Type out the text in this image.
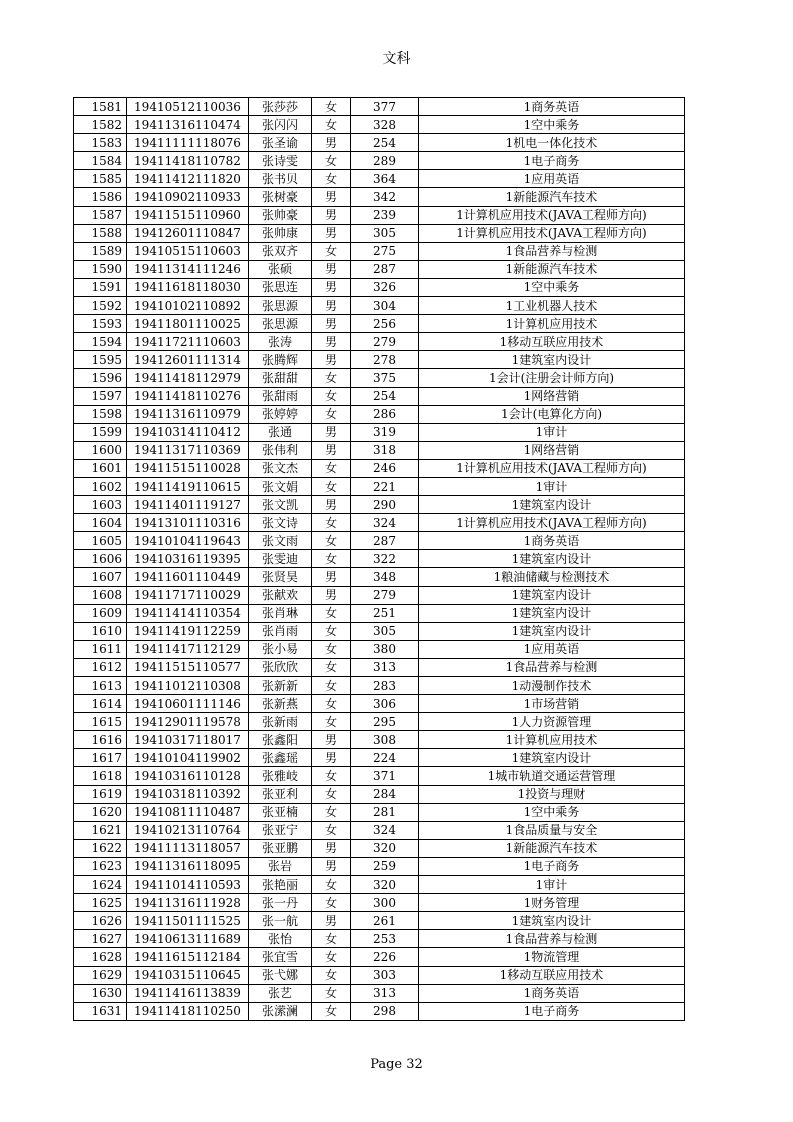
文科
1581	19410512110036	张莎莎	女	377	1商务英语
1582	19411316110474	张闪闪	女	328	1空中乘务
1583	19411111118076	张圣谕	男	254	1机电一体化技术
1584	19411418110782	张诗雯	女	289	1电子商务
1585	19411412111820	张书贝	女	364	1应用英语
1586	19410902110933	张树豪	男	342	1新能源汽车技术
1587	19411515110960	张帅豪	男	239	1计算机应用技术(JAVA工程师方向)
1588	19412601110847	张帅康	男	305	1计算机应用技术(JAVA工程师方向)
1589	19410515110603	张双齐	女	275	1食品营养与检测
1590	19411314111246	张硕	男	287	1新能源汽车技术
1591	19411618118030	张思连	男	326	1空中乘务
1592	19410102110892	张思源	男	304	1工业机器人技术
1593	19411801110025	张思源	男	256	1计算机应用技术
1594	19411721110603	张涛	男	279	1移动互联应用技术
1595	19412601111314	张腾辉	男	278	1建筑室内设计
1596	19411418112979	张甜甜	女	375	1会计(注册会计师方向)
1597	19411418110276	张甜雨	女	254	1网络营销
1598	19411316110979	张婷婷	女	286	1会计(电算化方向)
1599	19410314110412	张通	男	319	1审计
1600	19411317110369	张伟利	男	318	1网络营销
1601	19411515110028	张文杰	女	246	1计算机应用技术(JAVA工程师方向)
1602	19411419110615	张文娟	女	221	1审计
1603	19411401119127	张文凯	男	290	1建筑室内设计
1604	19413101110316	张文诗	女	324	1计算机应用技术(JAVA工程师方向)
1605	19410104119643	张文雨	女	287	1商务英语
1606	19410316119395	张雯迪	女	322	1建筑室内设计
1607	19411601110449	张贤昊	男	348	1粮油储藏与检测技术
1608	19411717110029	张献欢	男	279	1建筑室内设计
1609	19411414110354	张肖琳	女	251	1建筑室内设计
1610	19411419112259	张肖雨	女	305	1建筑室内设计
1611	19411417112129	张小易	女	380	1应用英语
1612	19411515110577	张欣欣	女	313	1食品营养与检测
1613	19411012110308	张新新	女	283	1动漫制作技术
1614	19410601111146	张新燕	女	306	1市场营销
1615	19412901119578	张新雨	女	295	1人力资源管理
1616	19410317118017	张鑫阳	男	308	1计算机应用技术
1617	19410104119902	张鑫瑶	男	224	1建筑室内设计
1618	19410316110128	张雅岐	女	371	1城市轨道交通运营管理
1619	19410318110392	张亚利	女	284	1投资与理财
1620	19410811110487	张亚楠	女	281	1空中乘务
1621	19410213110764	张亚宁	女	324	1食品质量与安全
1622	19411113118057	张亚鹏	男	320	1新能源汽车技术
1623	19411316118095	张岩	男	259	1电子商务
1624	19411014110593	张艳丽	女	320	1审计
1625	19411316111928	张一丹	女	300	1财务管理
1626	19411501111525	张一航	男	261	1建筑室内设计
1627	19410613111689	张怡	女	253	1食品营养与检测
1628	19411615112184	张宜雪	女	226	1物流管理
1629	19410315110645	张弋娜	女	303	1移动互联应用技术
1630	19411416113839	张艺	女	313	1商务英语
1631	19411418110250	张潆澜	女	298	1电子商务
Page 32
